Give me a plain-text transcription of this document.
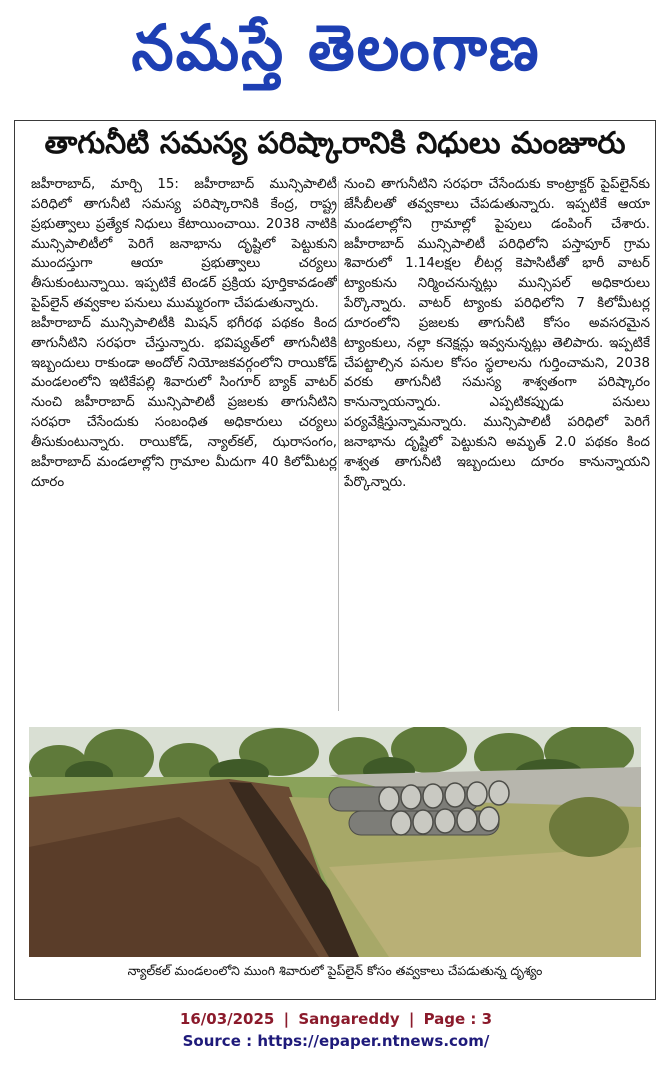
నమస్తే తెలంగాణ
తాగునీటి సమస్య పరిష్కారానికి నిధులు మంజూరు

జహీరాబాద్, మార్చి 15: జహీరాబాద్ మున్సిపాలిటీ పరిధిలో తాగునీటి సమస్య పరిష్కారానికి కేంద్ర, రాష్ట్ర ప్రభుత్వాలు ప్రత్యేక నిధులు కేటాయించాయి. 2038 నాటికి మున్సిపాలిటీలో పెరిగే జనాభాను దృష్టిలో పెట్టుకుని ముందస్తుగా ఆయా ప్రభుత్వాలు చర్యలు తీసుకుంటున్నాయి. ఇప్పటికే టెండర్ ప్రక్రియ పూర్తికావడంతో పైప్‌లైన్ తవ్వకాల పనులు ముమ్మరంగా చేపడుతున్నారు.

జహీరాబాద్ మున్సిపాలిటీకి మిషన్ భగీరథ పథకం కింద తాగునీటిని సరఫరా చేస్తున్నారు. భవిష్యత్‌లో తాగునీటికి ఇబ్బందులు రాకుండా అందోల్ నియోజకవర్గంలోని రాయికోడ్ మండలంలోని ఇటికేపల్లి శివారులో సింగూర్ బ్యాక్ వాటర్ నుంచి జహీరాబాద్ మున్సిపాలిటీ ప్రజలకు తాగునీటిని సరఫరా చేసేందుకు సంబంధిత అధికారులు చర్యలు తీసుకుంటున్నారు. రాయికోడ్, న్యాల్‌కల్, ఝరాసంగం, జహీరాబాద్ మండలాల్లోని గ్రామాల మీదుగా 40 కిలోమీటర్ల దూరం

నుంచి తాగునీటిని సరఫరా చేసేందుకు కాంట్రాక్టర్ పైప్‌లైన్‌కు జేసీబీలతో తవ్వకాలు చేపడుతున్నారు. ఇప్పటికే ఆయా మండలాల్లోని గ్రామాల్లో పైపులు డంపింగ్ చేశారు. జహీరాబాద్ మున్సిపాలిటీ పరిధిలోని పస్తాపూర్ గ్రామ శివారులో 1.14లక్షల లీటర్ల కెపాసిటీతో భారీ వాటర్ ట్యాంకును నిర్మించనున్నట్లు మున్సిపల్ అధికారులు పేర్కొన్నారు. వాటర్ ట్యాంకు పరిధిలోని 7 కిలోమీటర్ల దూరంలోని ప్రజలకు తాగునీటి కోసం అవసరమైన ట్యాంకులు, నల్లా కనెక్షన్లు ఇవ్వనున్నట్లు తెలిపారు. ఇప్పటికే చేపట్టాల్సిన పనుల కోసం స్థలాలను గుర్తించామని, 2038 వరకు తాగునీటి సమస్య శాశ్వతంగా పరిష్కారం కానున్నాయన్నారు. ఎప్పటికప్పుడు పనులు పర్యవేక్షిస్తున్నామన్నారు. మున్సిపాలిటీ పరిధిలో పెరిగే జనాభాను దృష్టిలో పెట్టుకుని అమృత్ 2.0 పథకం కింద శాశ్వత తాగునీటి ఇబ్బందులు దూరం కానున్నాయని పేర్కొన్నారు.

న్యాల్‌కల్ మండలంలోని ముంగి శివారులో పైప్‌లైన్ కోసం తవ్వకాలు చేపడుతున్న దృశ్యం
16/03/2025 | Sangareddy | Page : 3
Source : https://epaper.ntnews.com/
